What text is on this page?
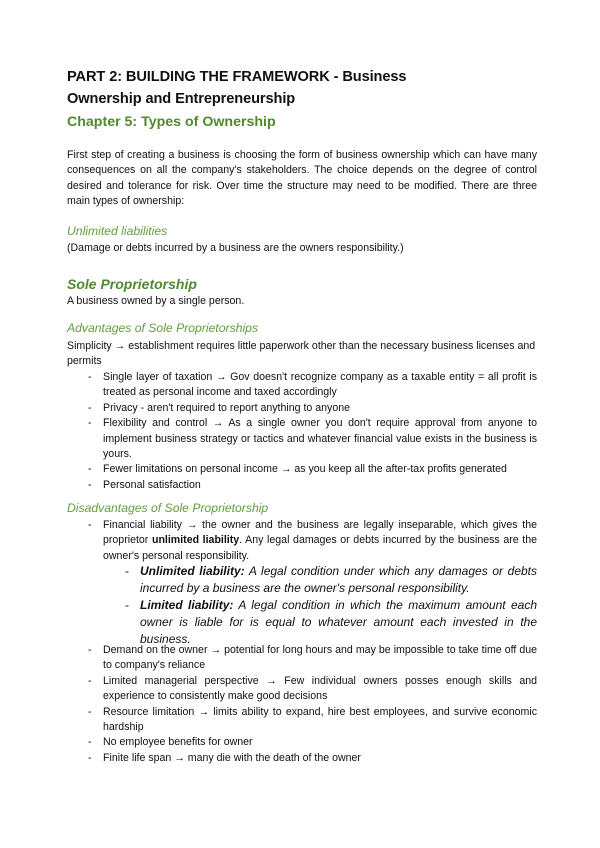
PART 2: BUILDING THE FRAMEWORK - Business
Ownership and Entrepreneurship
Chapter 5: Types of Ownership
First step of creating a business is choosing the form of business ownership which can have many consequences on all the company's stakeholders. The choice depends on the degree of control desired and tolerance for risk. Over time the structure may need to be modified. There are three main types of ownership:
Unlimited liabilities
(Damage or debts incurred by a business are the owners responsibility.)
Sole Proprietorship
A business owned by a single person.
Advantages of Sole Proprietorships
Simplicity → establishment requires little paperwork other than the necessary business licenses and permits
- Single layer of taxation → Gov doesn't recognize company as a taxable entity = all profit is treated as personal income and taxed accordingly
- Privacy - aren't required to report anything to anyone
- Flexibility and control → As a single owner you don't require approval from anyone to implement business strategy or tactics and whatever financial value exists in the business is yours.
- Fewer limitations on personal income → as you keep all the after-tax profits generated
- Personal satisfaction
Disadvantages of Sole Proprietorship
- Financial liability → the owner and the business are legally inseparable, which gives the proprietor unlimited liability. Any legal damages or debts incurred by the business are the owner's personal responsibility.
- Unlimited liability: A legal condition under which any damages or debts incurred by a business are the owner's personal responsibility.
- Limited liability: A legal condition in which the maximum amount each owner is liable for is equal to whatever amount each invested in the business.
- Demand on the owner → potential for long hours and may be impossible to take time off due to company's reliance
- Limited managerial perspective → Few individual owners posses enough skills and experience to consistently make good decisions
- Resource limitation → limits ability to expand, hire best employees, and survive economic hardship
- No employee benefits for owner
- Finite life span → many die with the death of the owner
